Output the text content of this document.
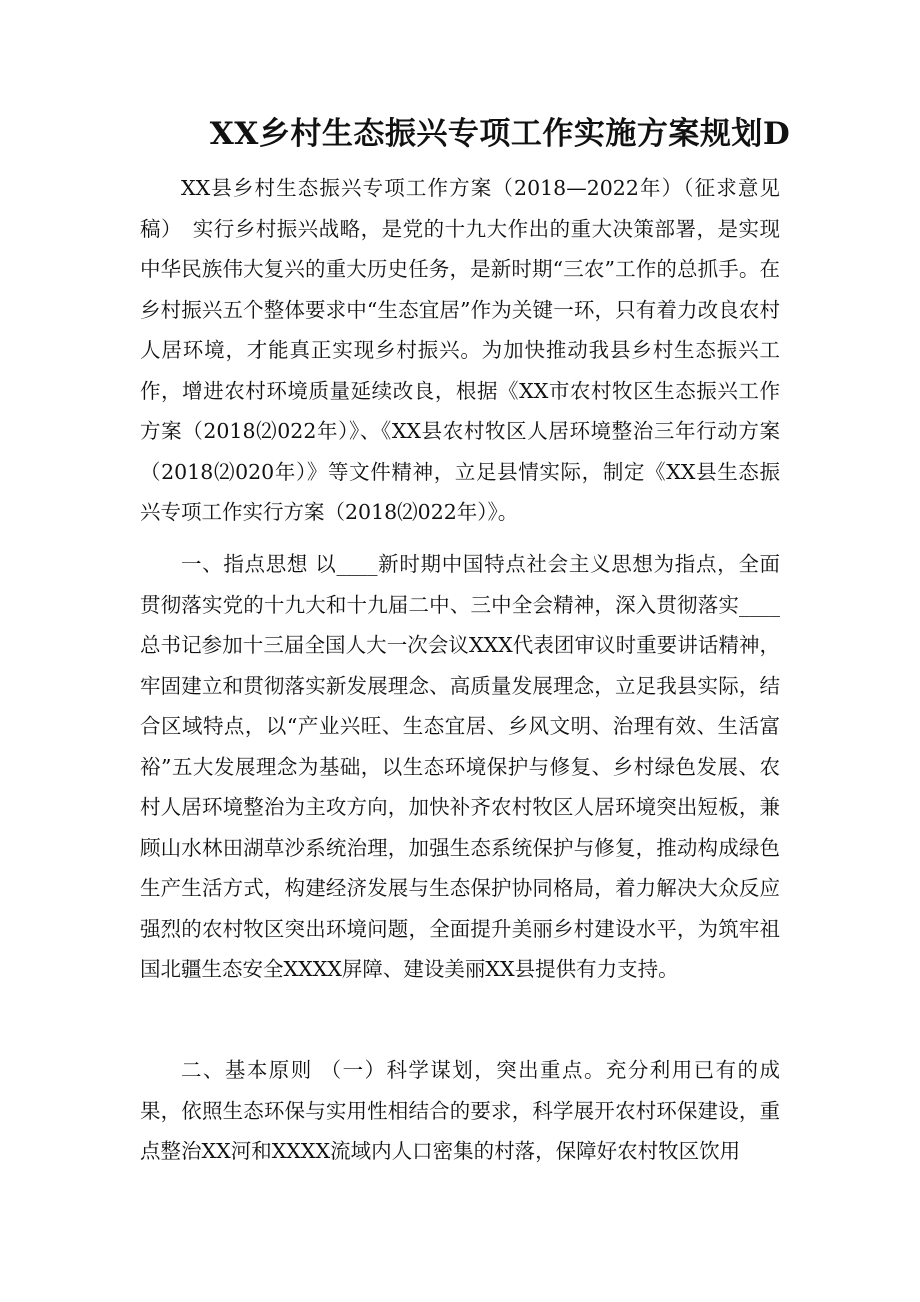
XX乡村生态振兴专项工作实施方案规划D

XX县乡村生态振兴专项工作方案（2018—2022年）（征求意见稿）　实行乡村振兴战略，是党的十九大作出的重大决策部署，是实现中华民族伟大复兴的重大历史任务，是新时期“三农”工作的总抓手。在乡村振兴五个整体要求中“生态宜居”作为关键一环，只有着力改良农村人居环境，才能真正实现乡村振兴。为加快推动我县乡村生态振兴工作，增进农村环境质量延续改良，根据《XX市农村牧区生态振兴工作方案（2018⑵022年）》、《XX县农村牧区人居环境整治三年行动方案（2018⑵020年）》等文件精神，立足县情实际，制定《XX县生态振兴专项工作实行方案（2018⑵022年）》。

一、指点思想 以____新时期中国特点社会主义思想为指点，全面贯彻落实党的十九大和十九届二中、三中全会精神，深入贯彻落实____总书记参加十三届全国人大一次会议XXX代表团审议时重要讲话精神，牢固建立和贯彻落实新发展理念、高质量发展理念，立足我县实际，结合区域特点，以“产业兴旺、生态宜居、乡风文明、治理有效、生活富裕”五大发展理念为基础，以生态环境保护与修复、乡村绿色发展、农村人居环境整治为主攻方向，加快补齐农村牧区人居环境突出短板，兼顾山水林田湖草沙系统治理，加强生态系统保护与修复，推动构成绿色生产生活方式，构建经济发展与生态保护协同格局，着力解决大众反应强烈的农村牧区突出环境问题，全面提升美丽乡村建设水平，为筑牢祖国北疆生态安全XXXX屏障、建设美丽XX县提供有力支持。

二、基本原则 （一）科学谋划，突出重点。充分利用已有的成果，依照生态环保与实用性相结合的要求，科学展开农村环保建设，重点整治XX河和XXXX流域内人口密集的村落，保障好农村牧区饮用
